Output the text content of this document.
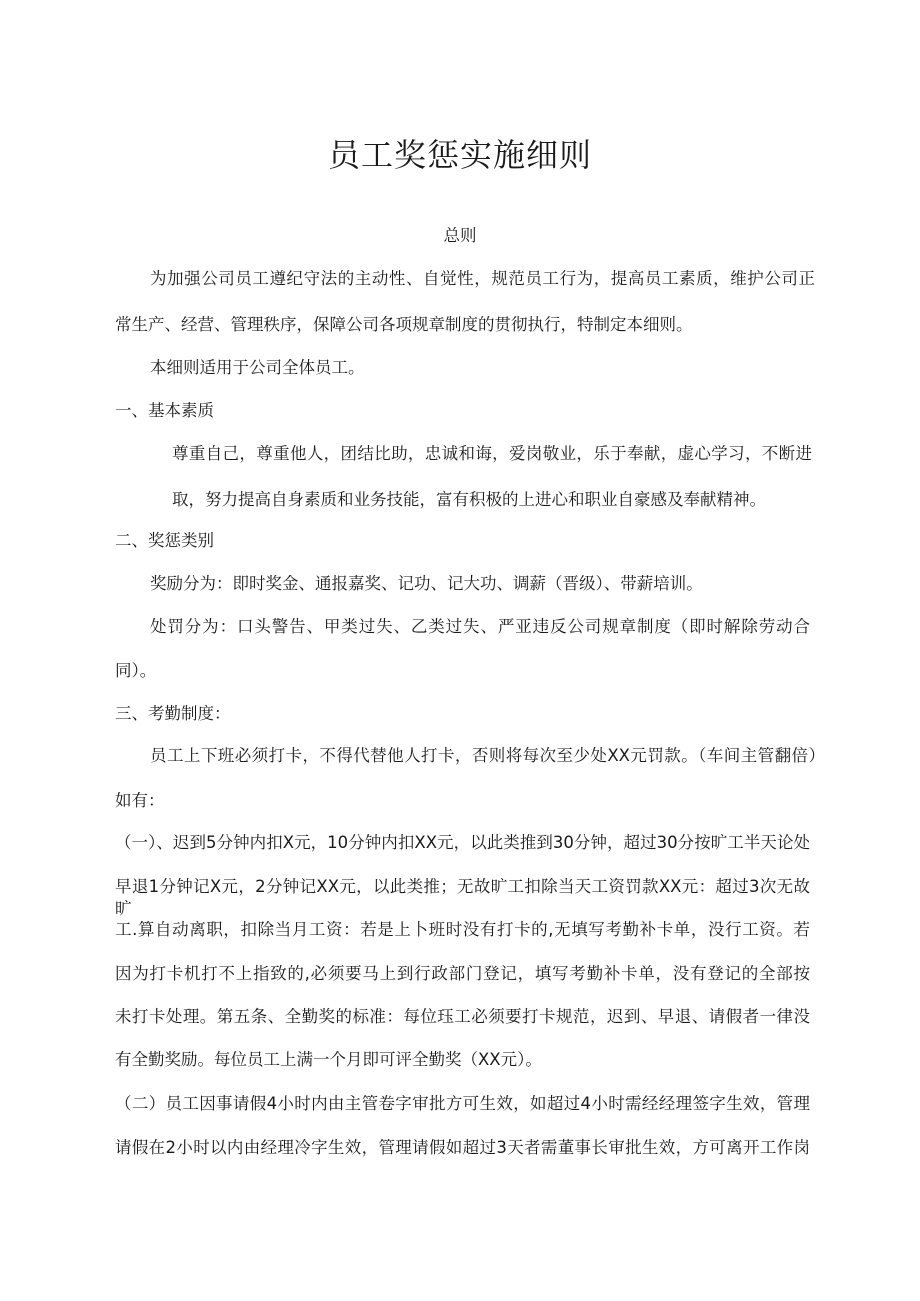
员工奖惩实施细则

总则

为加强公司员工遵纪守法的主动性、自觉性，规范员工行为，提高员工素质，维护公司正

常生产、经营、管理秩序，保障公司各项规章制度的贯彻执行，特制定本细则。

本细则适用于公司全体员工。

一、基本素质

尊重自己，尊重他人，团结比助，忠诚和诲，爱岗敬业，乐于奉献，虚心学习，不断进

取，努力提高自身素质和业务技能，富有积极的上进心和职业自豪感及奉献精神。

二、奖惩类别

奖励分为：即时奖金、通报嘉奖、记功、记大功、调薪（晋级）、带薪培训。

处罚分为：口头警告、甲类过失、乙类过失、严亚违反公司规章制度（即时解除劳动合

同）。

三、考勤制度：

员工上下班必须打卡，不得代替他人打卡，否则将每次至少处XX元罚款。（车间主管翻倍）

如有：

（一）、迟到5分钟内扣X元，10分钟内扣XX元，以此类推到30分钟，超过30分按旷工半天论处

早退1分钟记X元，2分钟记XX元，以此类推；无故旷工扣除当天工资罚款XX元：超过3次无故旷

工.算自动离职，扣除当月工资：若是上卜班时没有打卡的,无填写考勤补卡单，没行工资。若

因为打卡机打不上指致的,必须要马上到行政部门登记，填写考勤补卡单，没有登记的全部按

未打卡处理。第五条、全勤奖的标准：每位珏工必须要打卡规范，迟到、早退、请假者一律没

有全勤奖励。每位员工上满一个月即可评全勤奖（XX元）。

（二）员工因事请假4小时内由主管卷字审批方可生效，如超过4小时需经经理签字生效，管理

请假在2小时以内由经理冷字生效，管理请假如超过3天者需董事长审批生效，方可离开工作岗
